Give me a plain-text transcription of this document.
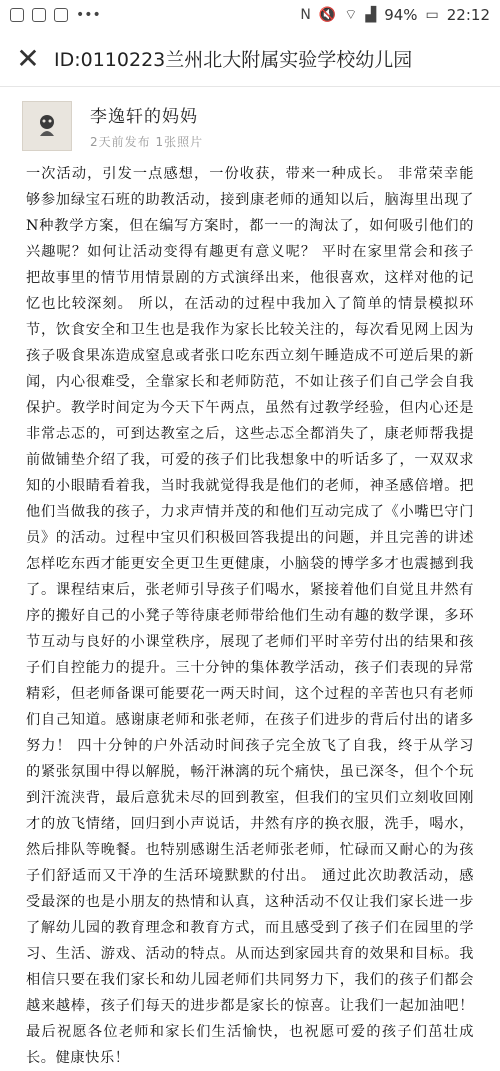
•••	N 🔇 ⌔ ▟ 94% ▭ 22:12
✕ ID:0110223兰州北大附属实验学校幼儿园
李逸轩的妈妈
2天前发布 1张照片
一次活动，引发一点感想，一份收获，带来一种成长。 非常荣幸能够参加绿宝石班的助教活动，接到康老师的通知以后，脑海里出现了N种教学方案，但在编写方案时，都一一的淘汰了，如何吸引他们的兴趣呢？如何让活动变得有趣更有意义呢？ 平时在家里常会和孩子把故事里的情节用情景剧的方式演绎出来，他很喜欢，这样对他的记忆也比较深刻。 所以，在活动的过程中我加入了简单的情景模拟环节，饮食安全和卫生也是我作为家长比较关注的，每次看见网上因为孩子吸食果冻造成窒息或者张口吃东西立刻午睡造成不可逆后果的新闻，内心很难受，全靠家长和老师防范，不如让孩子们自己学会自我保护。教学时间定为今天下午两点，虽然有过教学经验，但内心还是非常忐忑的，可到达教室之后，这些忐忑全都消失了，康老师帮我提前做铺垫介绍了我，可爱的孩子们比我想象中的听话多了，一双双求知的小眼睛看着我，当时我就觉得我是他们的老师，神圣感倍增。把他们当做我的孩子，力求声情并茂的和他们互动完成了《小嘴巴守门员》的活动。过程中宝贝们积极回答我提出的问题，并且完善的讲述怎样吃东西才能更安全更卫生更健康，小脑袋的博学多才也震撼到我了。课程结束后，张老师引导孩子们喝水，紧接着他们自觉且井然有序的搬好自己的小凳子等待康老师带给他们生动有趣的数学课，多环节互动与良好的小课堂秩序，展现了老师们平时辛劳付出的结果和孩子们自控能力的提升。三十分钟的集体教学活动，孩子们表现的异常精彩，但老师备课可能要花一两天时间，这个过程的辛苦也只有老师们自己知道。感谢康老师和张老师，在孩子们进步的背后付出的诸多努力！ 四十分钟的户外活动时间孩子完全放飞了自我，终于从学习的紧张氛围中得以解脱，畅汗淋漓的玩个痛快，虽已深冬，但个个玩到汗流浃背，最后意犹未尽的回到教室，但我们的宝贝们立刻收回刚才的放飞情绪，回归到小声说话，井然有序的换衣服，洗手，喝水，然后排队等晚餐。也特别感谢生活老师张老师，忙碌而又耐心的为孩子们舒适而又干净的生活环境默默的付出。 通过此次助教活动，感受最深的也是小朋友的热情和认真，这种活动不仅让我们家长进一步了解幼儿园的教育理念和教育方式，而且感受到了孩子们在园里的学习、生活、游戏、活动的特点。从而达到家园共育的效果和目标。我相信只要在我们家长和幼儿园老师们共同努力下，我们的孩子们都会越来越棒，孩子们每天的进步都是家长的惊喜。让我们一起加油吧！ 最后祝愿各位老师和家长们生活愉快，也祝愿可爱的孩子们茁壮成长。健康快乐！
